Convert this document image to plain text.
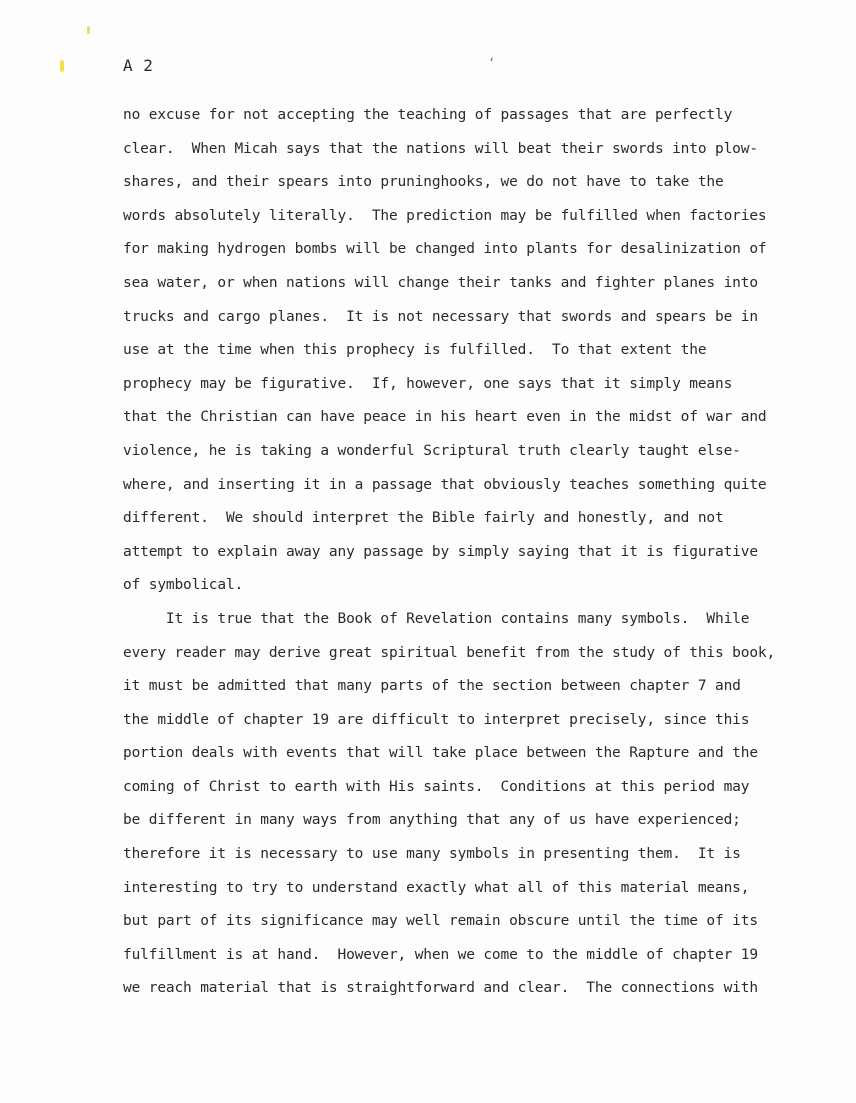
‘
A 2
no excuse for not accepting the teaching of passages that are perfectly
clear.  When Micah says that the nations will beat their swords into plow-
shares, and their spears into pruninghooks, we do not have to take the
words absolutely literally.  The prediction may be fulfilled when factories
for making hydrogen bombs will be changed into plants for desalinization of
sea water, or when nations will change their tanks and fighter planes into
trucks and cargo planes.  It is not necessary that swords and spears be in
use at the time when this prophecy is fulfilled.  To that extent the
prophecy may be figurative.  If, however, one says that it simply means
that the Christian can have peace in his heart even in the midst of war and
violence, he is taking a wonderful Scriptural truth clearly taught else-
where, and inserting it in a passage that obviously teaches something quite
different.  We should interpret the Bible fairly and honestly, and not
attempt to explain away any passage by simply saying that it is figurative
of symbolical.
It is true that the Book of Revelation contains many symbols.  While
every reader may derive great spiritual benefit from the study of this book,
it must be admitted that many parts of the section between chapter 7 and
the middle of chapter 19 are difficult to interpret precisely, since this
portion deals with events that will take place between the Rapture and the
coming of Christ to earth with His saints.  Conditions at this period may
be different in many ways from anything that any of us have experienced;
therefore it is necessary to use many symbols in presenting them.  It is
interesting to try to understand exactly what all of this material means,
but part of its significance may well remain obscure until the time of its
fulfillment is at hand.  However, when we come to the middle of chapter 19
we reach material that is straightforward and clear.  The connections with
